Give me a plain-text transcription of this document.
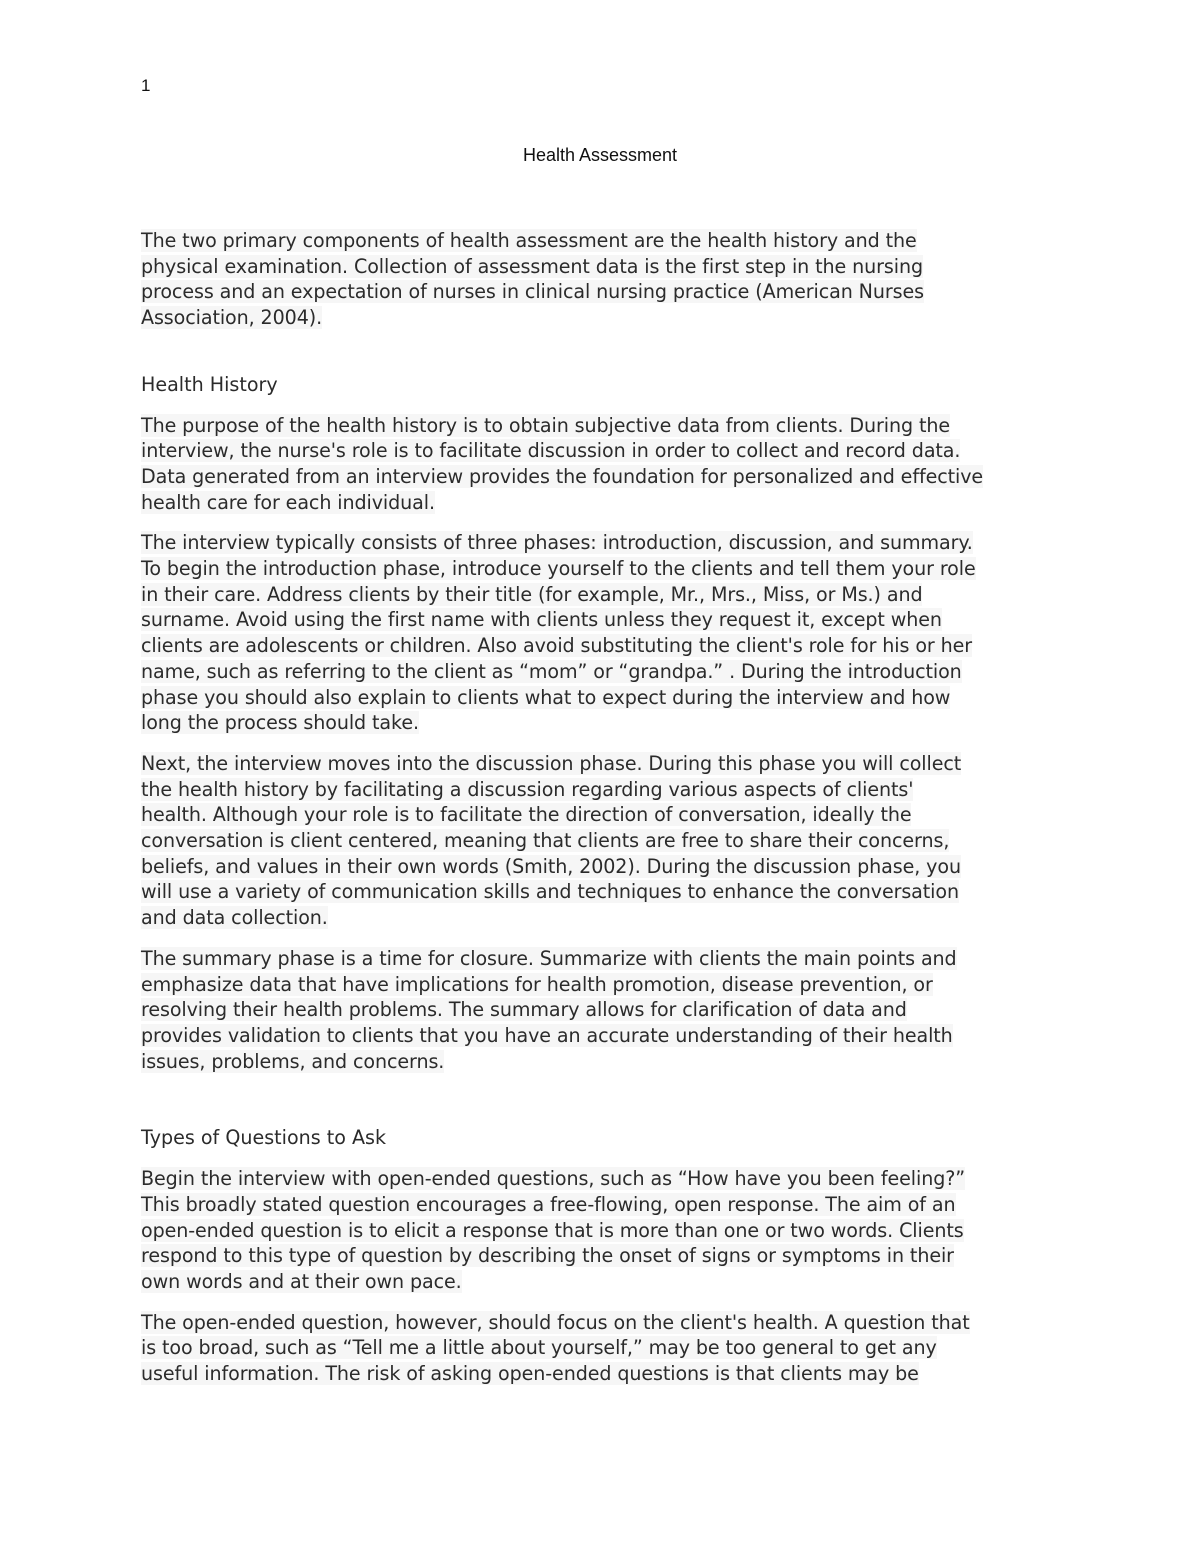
1
Health Assessment

The two primary components of health assessment are the health history and the
physical examination. Collection of assessment data is the first step in the nursing
process and an expectation of nurses in clinical nursing practice (American Nurses
Association, 2004).

Health History

The purpose of the health history is to obtain subjective data from clients. During the
interview, the nurse's role is to facilitate discussion in order to collect and record data.
Data generated from an interview provides the foundation for personalized and effective
health care for each individual.

The interview typically consists of three phases: introduction, discussion, and summary.
To begin the introduction phase, introduce yourself to the clients and tell them your role
in their care. Address clients by their title (for example, Mr., Mrs., Miss, or Ms.) and
surname. Avoid using the first name with clients unless they request it, except when
clients are adolescents or children. Also avoid substituting the client's role for his or her
name, such as referring to the client as “mom” or “grandpa.” . During the introduction
phase you should also explain to clients what to expect during the interview and how
long the process should take.

Next, the interview moves into the discussion phase. During this phase you will collect
the health history by facilitating a discussion regarding various aspects of clients'
health. Although your role is to facilitate the direction of conversation, ideally the
conversation is client centered, meaning that clients are free to share their concerns,
beliefs, and values in their own words (Smith, 2002). During the discussion phase, you
will use a variety of communication skills and techniques to enhance the conversation
and data collection.

The summary phase is a time for closure. Summarize with clients the main points and
emphasize data that have implications for health promotion, disease prevention, or
resolving their health problems. The summary allows for clarification of data and
provides validation to clients that you have an accurate understanding of their health
issues, problems, and concerns.

Types of Questions to Ask

Begin the interview with open-ended questions, such as “How have you been feeling?”
This broadly stated question encourages a free-flowing, open response. The aim of an
open-ended question is to elicit a response that is more than one or two words. Clients
respond to this type of question by describing the onset of signs or symptoms in their
own words and at their own pace.

The open-ended question, however, should focus on the client's health. A question that
is too broad, such as “Tell me a little about yourself,” may be too general to get any
useful information. The risk of asking open-ended questions is that clients may be
